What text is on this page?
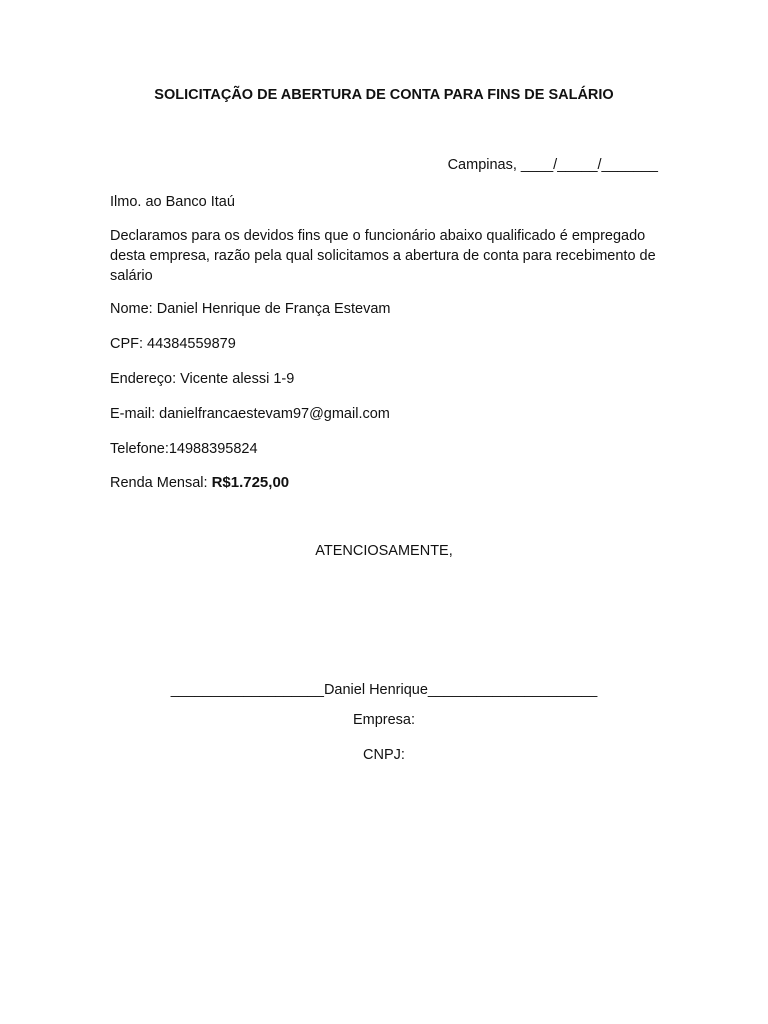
SOLICITAÇÃO DE ABERTURA DE CONTA PARA FINS DE SALÁRIO
Campinas, ____/_____/_______
Ilmo. ao Banco Itaú
Declaramos para os devidos fins que o funcionário abaixo qualificado é empregado desta empresa, razão pela qual solicitamos a abertura de conta para recebimento de salário
Nome: Daniel Henrique de França Estevam
CPF: 44384559879
Endereço: Vicente alessi 1-9
E-mail: danielfrancaestevam97@gmail.com
Telefone:14988395824
Renda Mensal: R$1.725,00
ATENCIOSAMENTE,
___________________Daniel Henrique_____________________
Empresa:
CNPJ:
